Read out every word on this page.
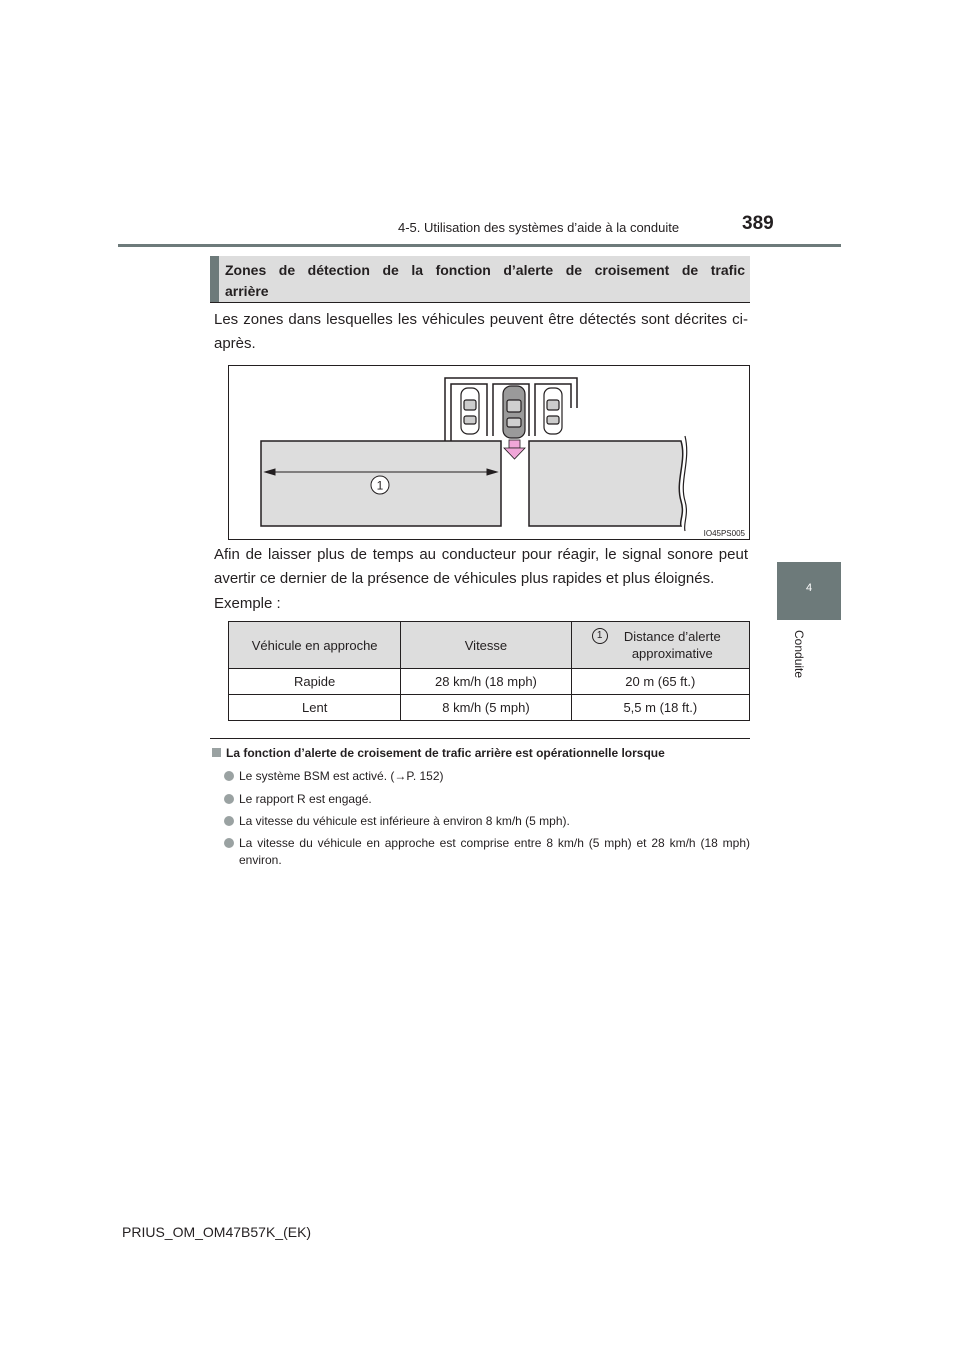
4-5. Utilisation des systèmes d’aide à la conduite	389
4
Conduite
Zones de détection de la fonction d’alerte de croisement de trafic arrière
Les zones dans lesquelles les véhicules peuvent être détectés sont décrites ci-après.
1
IO45PS005
Afin de laisser plus de temps au conducteur pour réagir, le signal sonore peut avertir ce dernier de la présence de véhicules plus rapides et plus éloignés.
Exemple :
Véhicule en approche	Vitesse	1 Distance d’alerte approximative
Rapide	28 km/h (18 mph)	20 m (65 ft.)
Lent	8 km/h (5 mph)	5,5 m (18 ft.)
La fonction d’alerte de croisement de trafic arrière est opérationnelle lorsque
Le système BSM est activé. (→P. 152)
Le rapport R est engagé.
La vitesse du véhicule est inférieure à environ 8 km/h (5 mph).
La vitesse du véhicule en approche est comprise entre 8 km/h (5 mph) et 28 km/h (18 mph) environ.
PRIUS_OM_OM47B57K_(EK)
